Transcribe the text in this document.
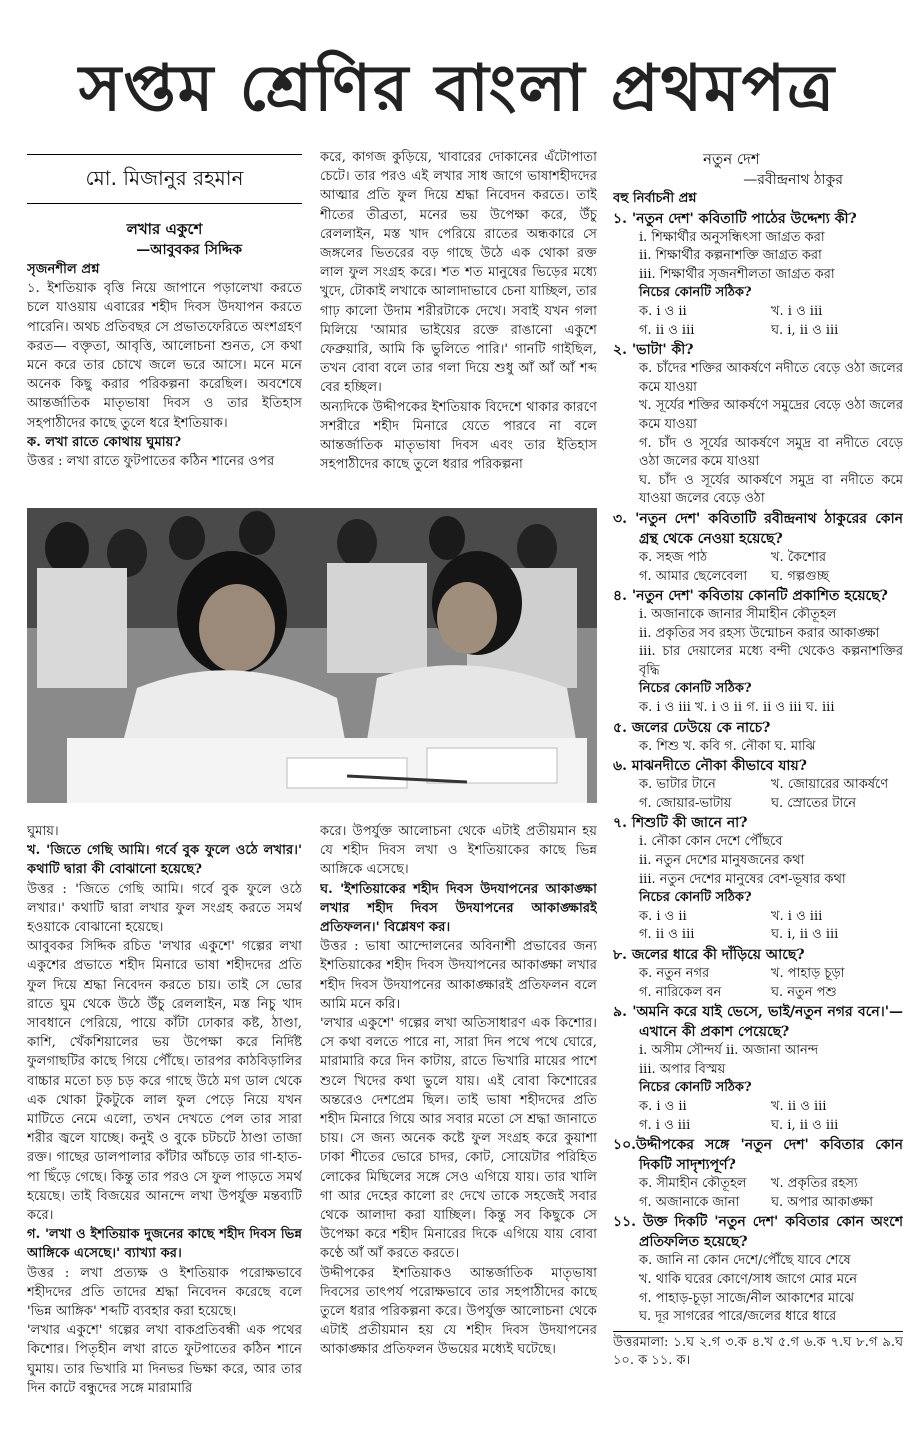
সপ্তম শ্রেণির বাংলা প্রথমপত্র
মো. মিজানুর রহমান

লখার একুশে

—আবুবকর সিদ্দিক

সৃজনশীল প্রশ্ন

১. ইশতিয়াক বৃত্তি নিয়ে জাপানে পড়ালেখা করতে চলে যাওয়ায় এবারের শহীদ দিবস উদযাপন করতে পারেনি। অথচ প্রতিবছর সে প্রভাতফেরিতে অংশগ্রহণ করত— বক্তৃতা, আবৃত্তি, আলোচনা শুনত, সে কথা মনে করে তার চোখে জলে ভরে আসে। মনে মনে অনেক কিছু করার পরিকল্পনা করেছিল। অবশেষে আন্তর্জাতিক মাতৃভাষা দিবস ও তার ইতিহাস সহপাঠীদের কাছে তুলে ধরে ইশতিয়াক।

ক. লখা রাতে কোথায় ঘুমায়?

উত্তর : লখা রাতে ফুটপাতের কঠিন শানের ওপর

করে, কাগজ কুড়িয়ে, খাবারের দোকানের এঁটোপাতা চেটে। তার পরও এই লখার সাধ জাগে ভাষাশহীদদের আত্মার প্রতি ফুল দিয়ে শ্রদ্ধা নিবেদন করতে। তাই শীতের তীব্রতা, মনের ভয় উপেক্ষা করে, উঁচু রেললাইন, মস্ত খাদ পেরিয়ে রাতের অন্ধকারে সে জঙ্গলের ভিতরের বড় গাছে উঠে এক থোকা রক্ত লাল ফুল সংগ্রহ করে। শত শত মানুষের ভিড়ের মধ্যে খুদে, টোকাই লখাকে আলাদাভাবে চেনা যাচ্ছিল, তার গাঢ় কালো উদাম শরীরটাকে দেখে। সবাই যখন গলা মিলিয়ে 'আমার ভাইয়ের রক্তে রাঙানো একুশে ফেব্রুয়ারি, আমি কি ভুলিতে পারি।' গানটি গাইছিল, তখন বোবা বলে তার গলা দিয়ে শুধু আঁ আঁ আঁ শব্দ বের হচ্ছিল।

অন্যদিকে উদ্দীপকের ইশতিয়াক বিদেশে থাকার কারণে সশরীরে শহীদ মিনারে যেতে পারবে না বলে আন্তর্জাতিক মাতৃভাষা দিবস এবং তার ইতিহাস সহপাঠীদের কাছে তুলে ধরার পরিকল্পনা

ঘুমায়।

খ. 'জিতে গেছি আমি। গর্বে বুক ফুলে ওঠে লখার।' কথাটি দ্বারা কী বোঝানো হয়েছে?

উত্তর : 'জিতে গেছি আমি। গর্বে বুক ফুলে ওঠে লখার।' কথাটি দ্বারা লখার ফুল সংগ্রহ করতে সমর্থ হওয়াকে বোঝানো হয়েছে।

আবুবকর সিদ্দিক রচিত 'লখার একুশে' গল্পের লখা একুশের প্রভাতে শহীদ মিনারে ভাষা শহীদদের প্রতি ফুল দিয়ে শ্রদ্ধা নিবেদন করতে চায়। তাই সে ভোর রাতে ঘুম থেকে উঠে উঁচু রেললাইন, মস্ত নিচু খাদ সাবধানে পেরিয়ে, পায়ে কাঁটা ঢোকার কষ্ট, ঠাণ্ডা, কাশি, খেঁকশিয়ালের ভয় উপেক্ষা করে নির্দিষ্ট ফুলগাছটির কাছে গিয়ে পৌঁছে। তারপর কাঠবিড়ালির বাচ্চার মতো চড় চড় করে গাছে উঠে মগ ডাল থেকে এক থোকা টুকটুকে লাল ফুল পেড়ে নিয়ে যখন মাটিতে নেমে এলো, তখন দেখতে পেল তার সারা শরীর জ্বলে যাচ্ছে। কনুই ও বুকে চটচটে ঠাণ্ডা তাজা রক্ত। গাছের ডালপালার কাঁটার আঁচড়ে তার গা-হাত-পা ছিঁড়ে গেছে। কিন্তু তার পরও সে ফুল পাড়তে সমর্থ হয়েছে। তাই বিজয়ের আনন্দে লখা উপর্যুক্ত মন্তব্যটি করে।

গ. 'লখা ও ইশতিয়াক দুজনের কাছে শহীদ দিবস ভিন্ন আঙ্গিকে এসেছে।' ব্যাখ্যা কর।

উত্তর : লখা প্রত্যক্ষ ও ইশতিয়াক পরোক্ষভাবে শহীদদের প্রতি তাদের শ্রদ্ধা নিবেদন করেছে বলে 'ভিন্ন আঙ্গিক' শব্দটি ব্যবহার করা হয়েছে।

'লখার একুশে' গল্পের লখা বাকপ্রতিবন্ধী এক পথের কিশোর। পিতৃহীন লখা রাতে ফুটপাতের কঠিন শানে ঘুমায়। তার ভিখারি মা দিনভর ভিক্ষা করে, আর তার দিন কাটে বন্ধুদের সঙ্গে মারামারি

করে। উপর্যুক্ত আলোচনা থেকে এটাই প্রতীয়মান হয় যে শহীদ দিবস লখা ও ইশতিয়াকের কাছে ভিন্ন আঙ্গিকে এসেছে।

ঘ. 'ইশতিয়াকের শহীদ দিবস উদযাপনের আকাঙ্ক্ষা লখার শহীদ দিবস উদযাপনের আকাঙ্ক্ষারই প্রতিফলন।' বিশ্লেষণ কর।

উত্তর : ভাষা আন্দোলনের অবিনাশী প্রভাবের জন্য ইশতিয়াকের শহীদ দিবস উদযাপনের আকাঙ্ক্ষা লখার শহীদ দিবস উদযাপনের আকাঙ্ক্ষারই প্রতিফলন বলে আমি মনে করি।

'লখার একুশে' গল্পের লখা অতিসাধারণ এক কিশোর। সে কথা বলতে পারে না, সারা দিন পথে পথে ঘোরে, মারামারি করে দিন কাটায়, রাতে ভিখারি মায়ের পাশে শুলে খিদের কথা ভুলে যায়। এই বোবা কিশোরের অন্তরেও দেশপ্রেম ছিল। তাই ভাষা শহীদদের প্রতি শহীদ মিনারে গিয়ে আর সবার মতো সে শ্রদ্ধা জানাতে চায়। সে জন্য অনেক কষ্টে ফুল সংগ্রহ করে কুয়াশা ঢাকা শীতের ভোরে চাদর, কোট, সোয়েটার পরিহিত লোকের মিছিলের সঙ্গে সেও এগিয়ে যায়। তার খালি গা আর দেহের কালো রং দেখে তাকে সহজেই সবার থেকে আলাদা করা যাচ্ছিল। কিন্তু সব কিছুকে সে উপেক্ষা করে শহীদ মিনারের দিকে এগিয়ে যায় বোবা কণ্ঠে আঁ আঁ করতে করতে।

উদ্দীপকের ইশতিয়াকও আন্তর্জাতিক মাতৃভাষা দিবসের তাৎপর্য পরোক্ষভাবে তার সহপাঠীদের কাছে তুলে ধরার পরিকল্পনা করে। উপর্যুক্ত আলোচনা থেকে এটাই প্রতীয়মান হয় যে শহীদ দিবস উদযাপনের আকাঙ্ক্ষার প্রতিফলন উভয়ের মধ্যেই ঘটেছে।

নতুন দেশ

—রবীন্দ্রনাথ ঠাকুর

বহু নির্বাচনী প্রশ্ন

১. 'নতুন দেশ' কবিতাটি পাঠের উদ্দেশ্য কী?

i. শিক্ষার্থীর অনুসন্ধিৎসা জাগ্রত করা

ii. শিক্ষার্থীর কল্পনাশক্তি জাগ্রত করা

iii. শিক্ষার্থীর সৃজনশীলতা জাগ্রত করা

নিচের কোনটি সঠিক?

ক. i ও ii	খ. i ও iii
গ. ii ও iii	ঘ. i, ii ও iii

২. 'ভাটা' কী?

ক. চাঁদের শক্তির আকর্ষণে নদীতে বেড়ে ওঠা জলের কমে যাওয়া

খ. সূর্যের শক্তির আকর্ষণে সমুদ্রের বেড়ে ওঠা জলের কমে যাওয়া

গ. চাঁদ ও সূর্যের আকর্ষণে সমুদ্র বা নদীতে বেড়ে ওঠা জলের কমে যাওয়া

ঘ. চাঁদ ও সূর্যের আকর্ষণে সমুদ্র বা নদীতে কমে যাওয়া জলের বেড়ে ওঠা

৩. 'নতুন দেশ' কবিতাটি রবীন্দ্রনাথ ঠাকুরের কোন গ্রন্থ থেকে নেওয়া হয়েছে?

ক. সহজ পাঠ	খ. কৈশোর
গ. আমার ছেলেবেলা	ঘ. গল্পগুচ্ছ

৪. 'নতুন দেশ' কবিতায় কোনটি প্রকাশিত হয়েছে?

i. অজানাকে জানার সীমাহীন কৌতূহল

ii. প্রকৃতির সব রহস্য উন্মোচন করার আকাঙ্ক্ষা

iii. চার দেয়ালের মধ্যে বন্দী থেকেও কল্পনাশক্তির বৃদ্ধি

নিচের কোনটি সঠিক?

ক. i ও iii খ. i ও ii গ. ii ও iii ঘ. iii

৫. জলের ঢেউয়ে কে নাচে?

ক. শিশু খ. কবি গ. নৌকা ঘ. মাঝি

৬. মাঝনদীতে নৌকা কীভাবে যায়?

ক. ভাটার টানে	খ. জোয়ারের আকর্ষণে
গ. জোয়ার-ভাটায়	ঘ. স্রোতের টানে

৭. শিশুটি কী জানে না?

i. নৌকা কোন দেশে পৌঁছবে

ii. নতুন দেশের মানুষজনের কথা

iii. নতুন দেশের মানুষের বেশ-ভূষার কথা

নিচের কোনটি সঠিক?

ক. i ও ii	খ. i ও iii
গ. ii ও iii	ঘ. i, ii ও iii

৮. জলের ধারে কী দাঁড়িয়ে আছে?

ক. নতুন নগর	খ. পাহাড় চূড়া
গ. নারিকেল বন	ঘ. নতুন পশু

৯. 'অমনি করে যাই ভেসে, ভাই/নতুন নগর বনে।'—এখানে কী প্রকাশ পেয়েছে?

i. অসীম সৌন্দর্য ii. অজানা আনন্দ

iii. অপার বিস্ময়

নিচের কোনটি সঠিক?

ক. i ও ii	খ. ii ও iii
গ. i ও iii	ঘ. i, ii ও iii

১০.উদ্দীপকের সঙ্গে 'নতুন দেশ' কবিতার কোন দিকটি সাদৃশ্যপূর্ণ?

ক. সীমাহীন কৌতূহল	খ. প্রকৃতির রহস্য
গ. অজানাকে জানা	ঘ. অপার আকাঙ্ক্ষা

১১. উক্ত দিকটি 'নতুন দেশ' কবিতার কোন অংশে প্রতিফলিত হয়েছে?

ক. জানি না কোন দেশে/পৌঁছে যাবে শেষে

খ. থাকি ঘরের কোণে/সাধ জাগে মোর মনে

গ. পাহাড়-চূড়া সাজে/নীল আকাশের মাঝে

ঘ. দূর সাগরের পারে/জলের ধারে ধারে

উত্তরমালা: ১.ঘ ২.গ ৩.ক ৪.খ ৫.গ ৬.ক ৭.ঘ ৮.গ ৯.ঘ ১০. ক ১১. ক।
